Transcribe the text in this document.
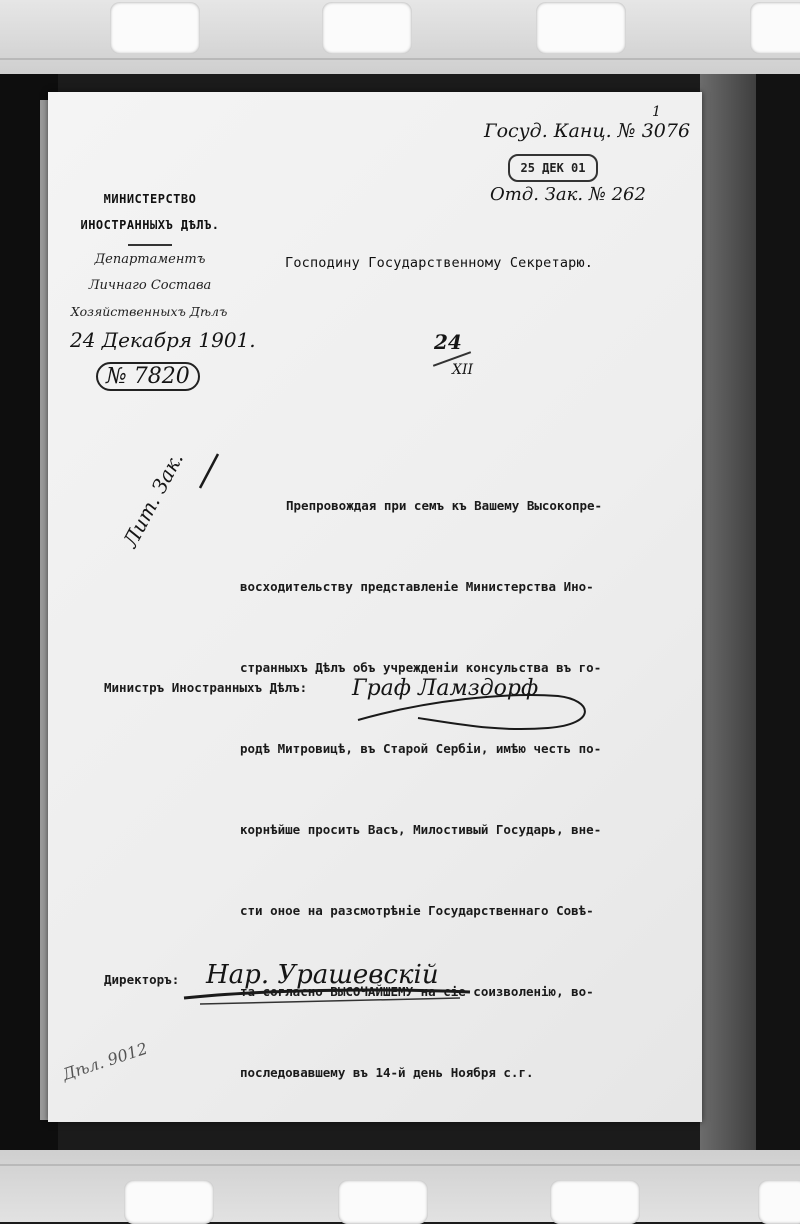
Госуд. Канц. № 3076
1
25 ДЕК 01
Отд. Зак. № 262
МИНИСТЕРСТВО
ИНОСТРАННЫХЪ ДѢЛЪ.
Департаментъ
Личнаго Состава
Хозяйственныхъ Дѣлъ
24 Декабря 1901.
№ 7820
Господину Государственному Секретарю.
24
XII
Лит. Зак.

	Препровождая при семъ къ Вашему Высокопре-

восходительству представленіе Министерства Ино-

странныхъ Дѣлъ объ учрежденіи консульства въ го-

родѣ Митровицѣ, въ Старой Сербіи, имѣю честь по-

корнѣйше просить Васъ, Милостивый Государь, вне-

сти оное на разсмотрѣніе Государственнаго Совѣ-

та согласно ВЫСОЧАЙШЕМУ на сіе соизволенію, во-

последовавшему въ 14-й день Ноября с.г.

Министръ Иностранныхъ Дѣлъ: Граф Ламздорф
Директоръ: Нар. Урашевскій
Дѣл. 9012
